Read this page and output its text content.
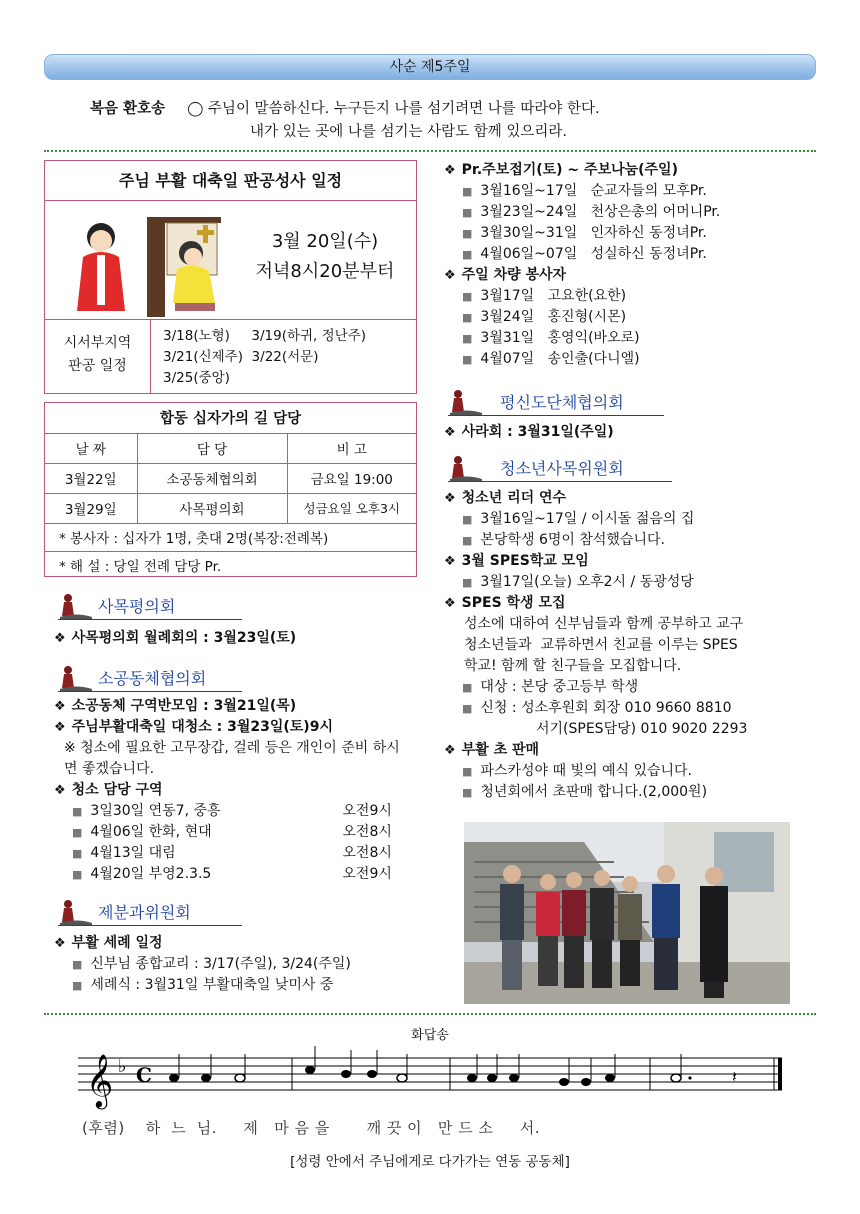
사순 제5주일
복음 환호송 ◯ 주님이 말씀하신다. 누구든지 나를 섬기려면 나를 따라야 한다.
내가 있는 곳에 나를 섬기는 사람도 함께 있으리라.
주님 부활 대축일 판공성사 일정
3월 20일(수)
저녁8시20분부터
시서부지역
판공 일정
3/18(노형)     3/19(하귀, 정난주)
3/21(신제주)  3/22(서문)
3/25(중앙)
합동 십자가의 길 담당		
날 짜	담 당	비 고
3월22일	소공동체협의회	금요일 19:00
3월29일	사목평의회	성금요일 오후3시
* 봉사자 : 십자가 1명, 촛대 2명(복장:전례복)		
* 해 설 : 당일 전례 담당 Pr.		
사목평의회
❖ 사목평의회 월례회의 : 3월23일(토)
소공동체협의회
❖ 소공동체 구역반모임 : 3월21일(목)
❖ 주님부활대축일 대청소 : 3월23일(토)9시
※ 청소에 필요한 고무장갑, 걸레 등은 개인이 준비 하시면 좋겠습니다.
❖ 청소 담당 구역
■ 3일30일 연동7, 중흥	오전9시
■ 4월06일 한화, 현대	오전8시
■ 4월13일 대림	오전8시
■ 4월20일 부영2.3.5	오전9시
제분과위원회
❖ 부활 세례 일정
■ 신부님 종합교리 : 3/17(주일), 3/24(주일)
■ 세례식 : 3월31일 부활대축일 낮미사 중
❖ Pr.주보접기(토) ~ 주보나눔(주일)
■ 3월16일~17일   순교자들의 모후Pr.
■ 3월23일~24일   천상은총의 어머니Pr.
■ 3월30일~31일   인자하신 동정녀Pr.
■ 4월06일~07일   성실하신 동정녀Pr.
❖ 주일 차량 봉사자
■ 3월17일   고요한(요한)
■ 3월24일   홍진형(시몬)
■ 3월31일   홍영익(바오로)
■ 4월07일   송인출(다니엘)
평신도단체협의회
❖ 사라회 : 3월31일(주일)
청소년사목위원회
❖ 청소년 리더 연수
■ 3월16일~17일 / 이시돌 젊음의 집
■ 본당학생 6명이 참석했습니다.
❖ 3월 SPES학교 모임
■ 3월17일(오늘) 오후2시 / 동광성당
❖ SPES 학생 모집
성소에 대하여 신부님들과 함께 공부하고 교구
청소년들과  교류하면서 친교를 이루는 SPES
학교! 함께 할 친구들을 모집합니다.
■ 대상 : 본당 중고등부 학생
■ 신청 : 성소후원회 회장 010 9660 8810
서기(SPES담당) 010 9020 2293
❖ 부활 초 판매
■ 파스카성야 때 빛의 예식 있습니다.
■ 청년회에서 초판매 합니다.(2,000원)
화답송
𝄞 ♭ C	𝄽
(후렴)    하  느  님.     제   마 음 을       깨 끗 이   만 드 소     서.
[성령 안에서 주님에게로 다가가는 연동 공동체]
